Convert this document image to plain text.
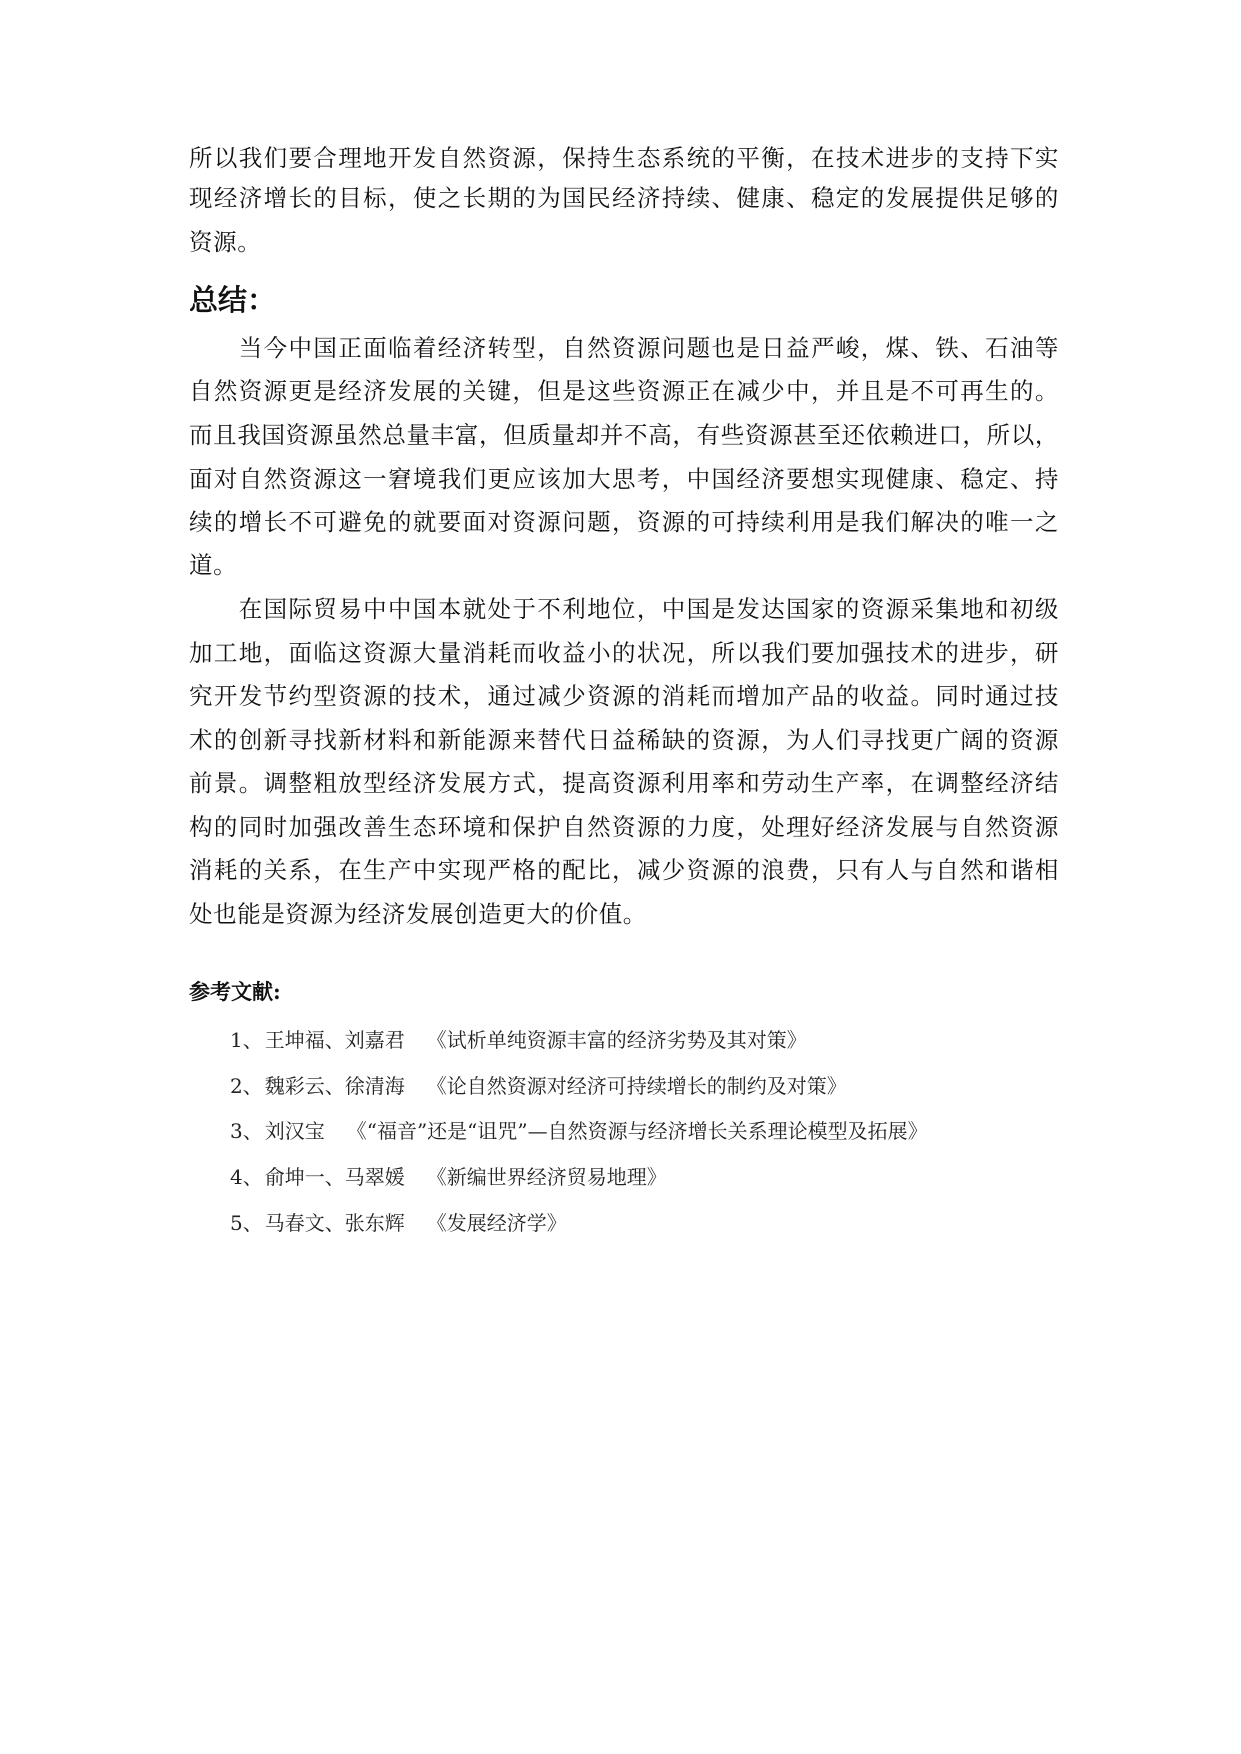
所以我们要合理地开发自然资源，保持生态系统的平衡，在技术进步的支持下实
现经济增长的目标，使之长期的为国民经济持续、健康、稳定的发展提供足够的
资源。
总结：
　　当今中国正面临着经济转型，自然资源问题也是日益严峻，煤、铁、石油等
自然资源更是经济发展的关键，但是这些资源正在减少中，并且是不可再生的。
而且我国资源虽然总量丰富，但质量却并不高，有些资源甚至还依赖进口，所以，
面对自然资源这一窘境我们更应该加大思考，中国经济要想实现健康、稳定、持
续的增长不可避免的就要面对资源问题，资源的可持续利用是我们解决的唯一之
道。
　　在国际贸易中中国本就处于不利地位，中国是发达国家的资源采集地和初级
加工地，面临这资源大量消耗而收益小的状况，所以我们要加强技术的进步，研
究开发节约型资源的技术，通过减少资源的消耗而增加产品的收益。同时通过技
术的创新寻找新材料和新能源来替代日益稀缺的资源，为人们寻找更广阔的资源
前景。调整粗放型经济发展方式，提高资源利用率和劳动生产率，在调整经济结
构的同时加强改善生态环境和保护自然资源的力度，处理好经济发展与自然资源
消耗的关系，在生产中实现严格的配比，减少资源的浪费，只有人与自然和谐相
处也能是资源为经济发展创造更大的价值。
参考文献:
1、 王坤福、刘嘉君 《试析单纯资源丰富的经济劣势及其对策》
2、 魏彩云、徐清海 《论自然资源对经济可持续增长的制约及对策》
3、 刘汉宝 《“福音”还是“诅咒”—自然资源与经济增长关系理论模型及拓展》
4、 俞坤一、马翠媛 《新编世界经济贸易地理》
5、 马春文、张东辉 《发展经济学》
